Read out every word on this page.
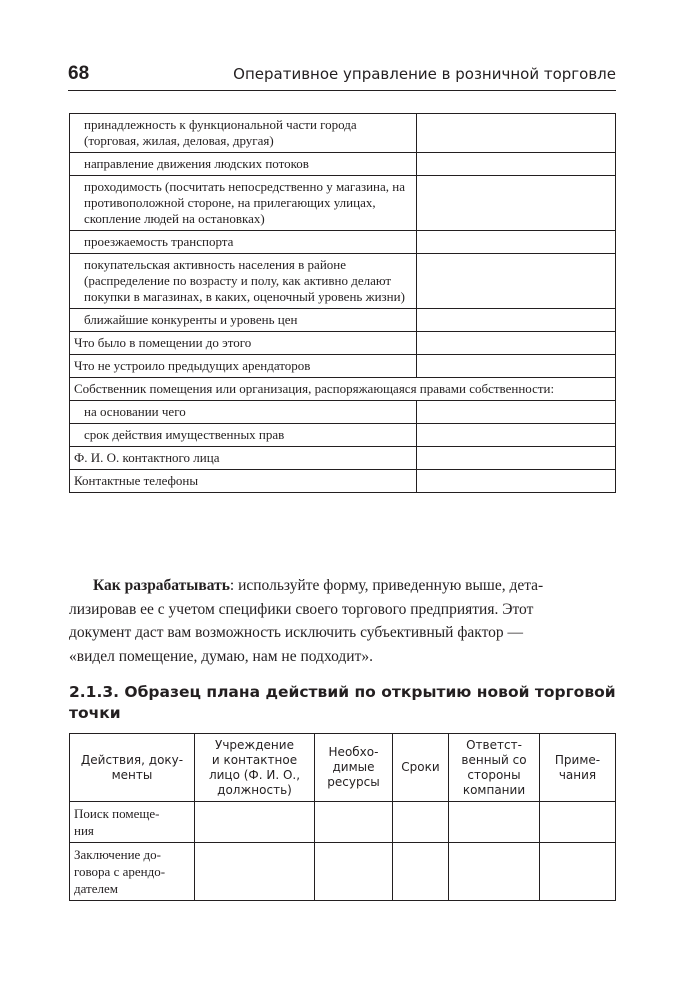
68	Оперативное управление в розничной торговле
принадлежность к функциональной части города (торговая, жилая, деловая, другая)	
направление движения людских потоков	
проходимость (посчитать непосредственно у магазина, на противоположной стороне, на прилегающих улицах, скопление людей на остановках)	
проезжаемость транспорта	
покупательская активность населения в районе (распределение по возрасту и полу, как активно делают покупки в магазинах, в каких, оценочный уровень жизни)	
ближайшие конкуренты и уровень цен	
Что было в помещении до этого	
Что не устроило предыдущих арендаторов	
Собственник помещения или организация, распоряжающаяся правами собственности:	
на основании чего	
срок действия имущественных прав	
Ф. И. О. контактного лица	
Контактные телефоны	

Как разрабатывать: используйте форму, приведенную выше, дета-
лизировав ее с учетом специфики своего торгового предприятия. Этот
документ даст вам возможность исключить субъективный фактор —
«видел помещение, думаю, нам не подходит».

2.1.3. Образец плана действий по открытию новой торговой
точки
Действия, доку-
менты	Учреждение
и контактное
лицо (Ф. И. О.,
должность)	Необхо-
димые
ресурсы	Сроки	Ответст-
венный со
стороны
компании	Приме-
чания

Поиск помеще-
ния					

Заключение до-
говора с арендо-
дателем					
